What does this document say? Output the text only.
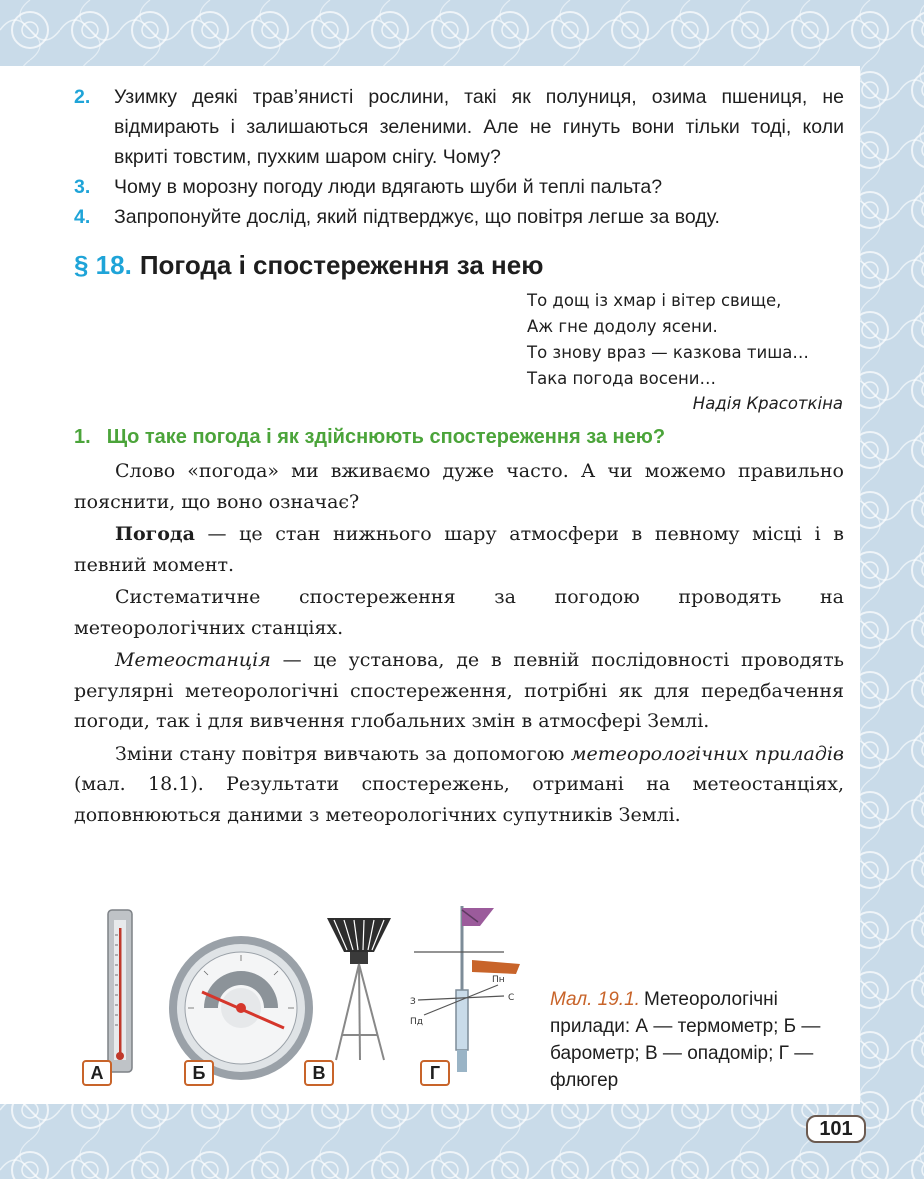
2.	Узимку деякі трав’янисті рослини, такі як полуниця, озима пшениця, не відмирають і залишаються зеленими. Але не гинуть вони тільки тоді, коли вкриті товстим, пухким шаром снігу. Чому?
3.	Чому в морозну погоду люди вдягають шуби й теплі пальта?
4.	Запропонуйте дослід, який підтверджує, що повітря легше за воду.
§ 18. Погода і спостереження за нею
То дощ із хмар і вітер свище,
Аж гне додолу ясени.
То знову враз — казкова тиша…
Така погода восени…
Надія Красоткіна
1. Що таке погода і як здійснюють спостереження за нею?

Слово «погода» ми вживаємо дуже часто. А чи можемо правильно пояснити, що воно означає?

Погода — це стан нижнього шару атмосфери в певному місці і в певний момент.

Систематичне спостереження за погодою проводять на метеорологічних станціях.

Метеостанція — це установа, де в певній послідовності проводять регулярні метеорологічні спостереження, потрібні як для передбачення погоди, так і для вивчення глобальних змін в атмосфері Землі.

Зміни стану повітря вивчають за допомогою метеорологічних приладів (мал. 18.1). Результати спостережень, отримані на метеостанціях, доповнюються даними з метеорологічних супутників Землі.

З
Пд
Пн
С
А	Б	В	Г
Мал. 19.1. Метеорологічні прилади: А — термометр; Б — барометр; В — опадомір; Г — флюгер
101
